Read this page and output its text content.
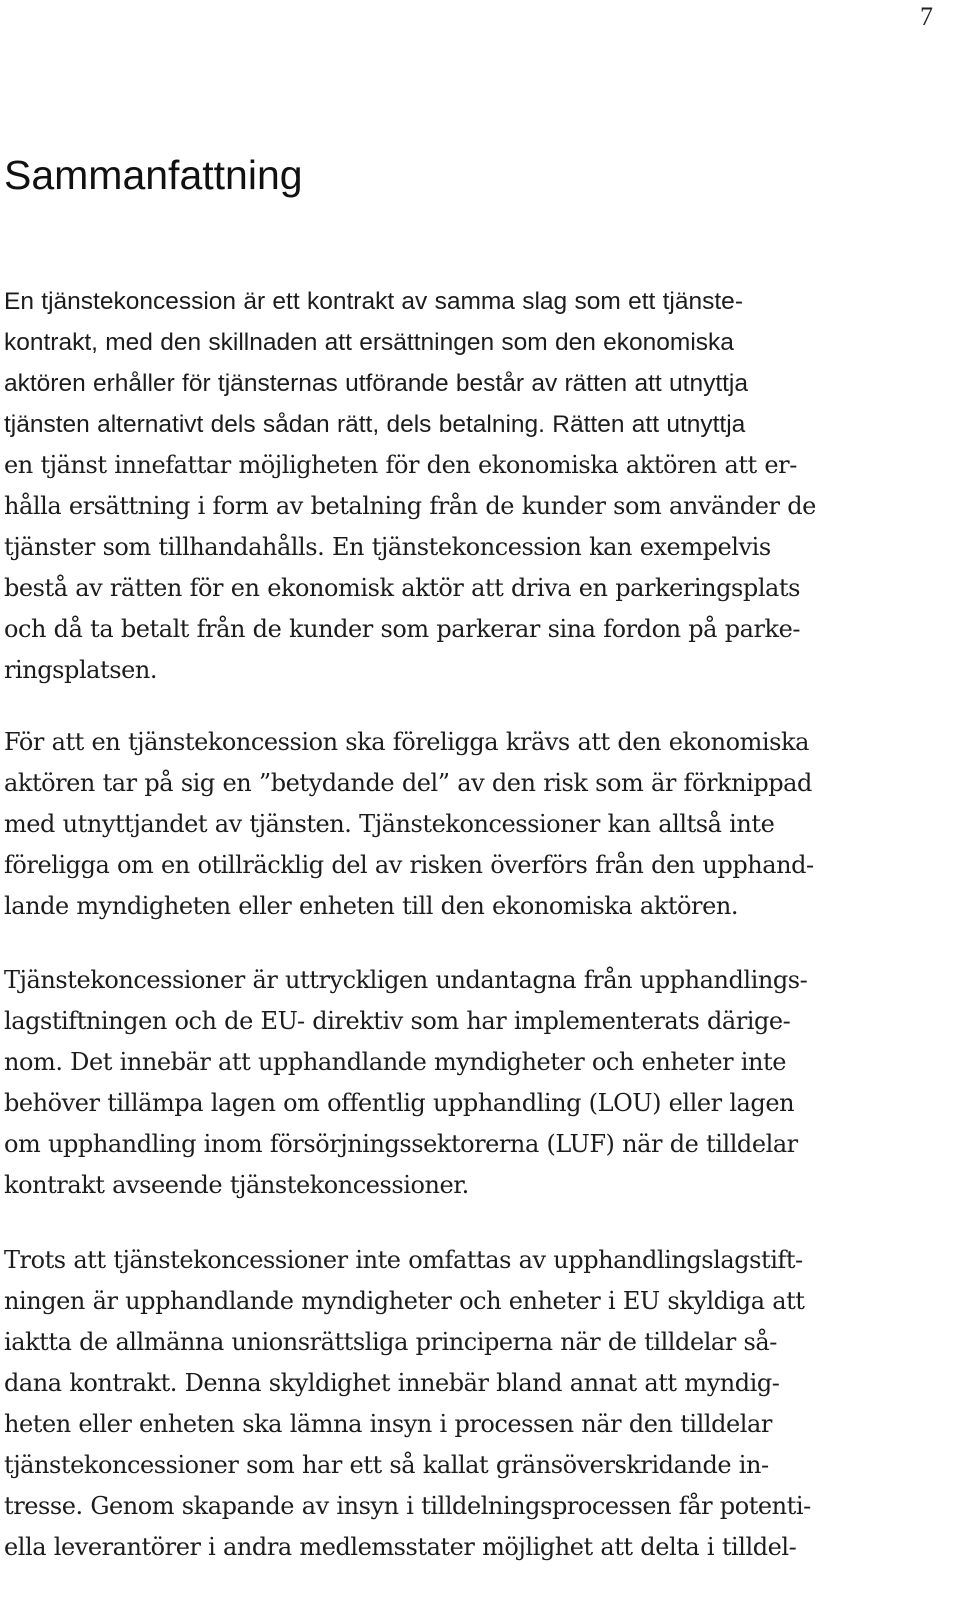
7
Sammanfattning
En tjänstekoncession är ett kontrakt av samma slag som ett tjänste-
kontrakt, med den skillnaden att ersättningen som den ekonomiska
aktören erhåller för tjänsternas utförande består av rätten att utnyttja
tjänsten alternativt dels sådan rätt, dels betalning. Rätten att utnyttja
en tjänst innefattar möjligheten för den ekonomiska aktören att er-
hålla ersättning i form av betalning från de kunder som använder de
tjänster som tillhandahålls. En tjänstekoncession kan exempelvis
bestå av rätten för en ekonomisk aktör att driva en parkeringsplats
och då ta betalt från de kunder som parkerar sina fordon på parke-
ringsplatsen.
För att en tjänstekoncession ska föreligga krävs att den ekonomiska
aktören tar på sig en ”betydande del” av den risk som är förknippad
med utnyttjandet av tjänsten. Tjänstekoncessioner kan alltså inte
föreligga om en otillräcklig del av risken överförs från den upphand-
lande myndigheten eller enheten till den ekonomiska aktören.
Tjänstekoncessioner är uttryckligen undantagna från upphandlings-
lagstiftningen och de EU- direktiv som har implementerats därige-
nom. Det innebär att upphandlande myndigheter och enheter inte
behöver tillämpa lagen om offentlig upphandling (LOU) eller lagen
om upphandling inom försörjningssektorerna (LUF) när de tilldelar
kontrakt avseende tjänstekoncessioner.
Trots att tjänstekoncessioner inte omfattas av upphandlingslagstift-
ningen är upphandlande myndigheter och enheter i EU skyldiga att
iaktta de allmänna unionsrättsliga principerna när de tilldelar så-
dana kontrakt. Denna skyldighet innebär bland annat att myndig-
heten eller enheten ska lämna insyn i processen när den tilldelar
tjänstekoncessioner som har ett så kallat gränsöverskridande in-
tresse. Genom skapande av insyn i tilldelningsprocessen får potenti-
ella leverantörer i andra medlemsstater möjlighet att delta i tilldel-
